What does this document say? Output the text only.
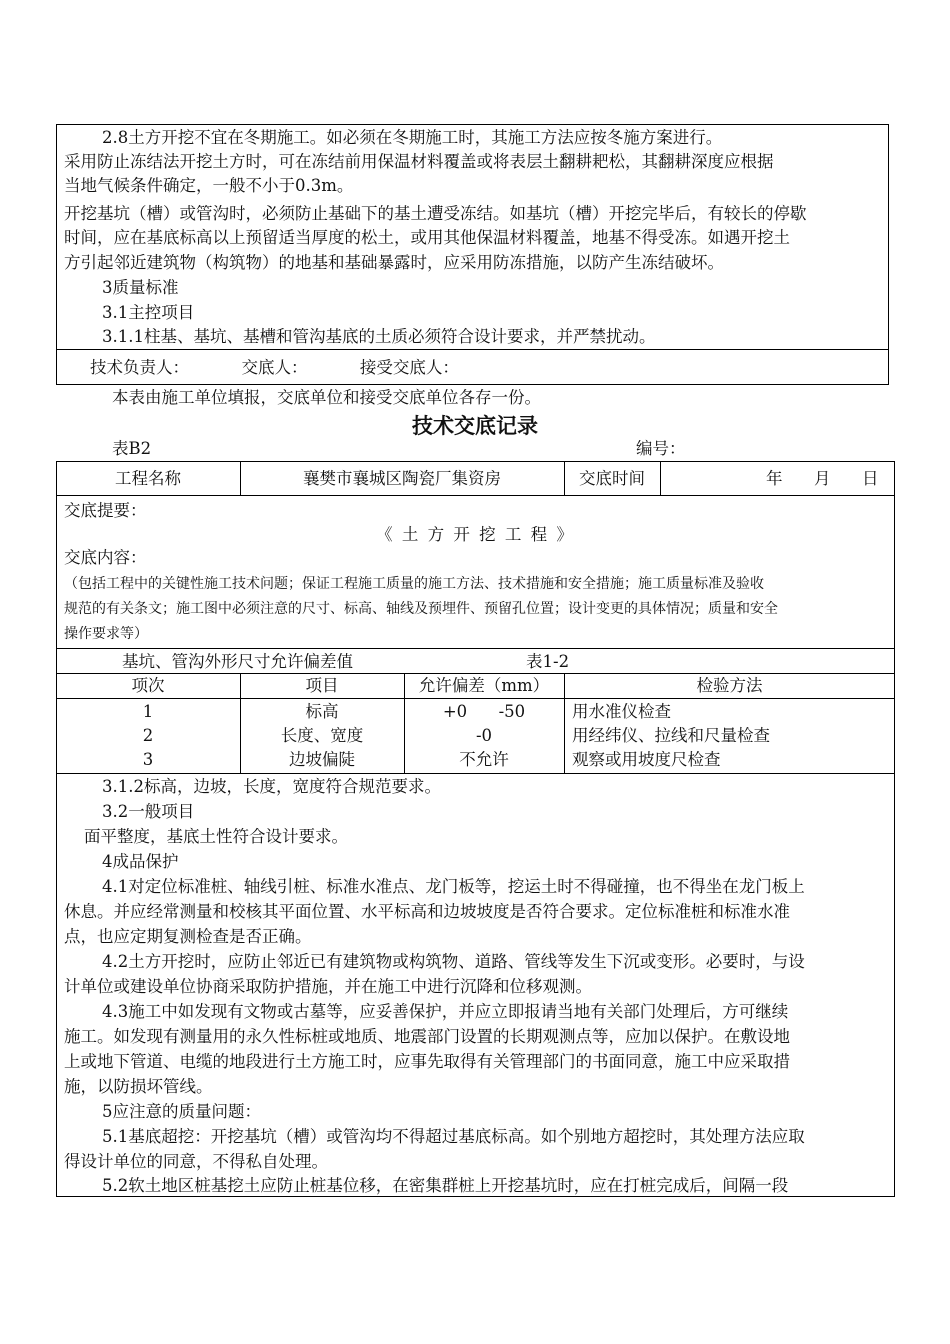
2.8土方开挖不宜在冬期施工。如必须在冬期施工时，其施工方法应按冬施方案进行。
采用防止冻结法开挖土方时，可在冻结前用保温材料覆盖或将表层土翻耕耙松，其翻耕深度应根据
当地气候条件确定，一般不小于0.3m。
开挖基坑（槽）或管沟时，必须防止基础下的基土遭受冻结。如基坑（槽）开挖完毕后，有较长的停歇
时间，应在基底标高以上预留适当厚度的松土，或用其他保温材料覆盖，地基不得受冻。如遇开挖土
方引起邻近建筑物（构筑物）的地基和基础暴露时，应采用防冻措施，以防产生冻结破坏。
3质量标准
3.1主控项目
3.1.1柱基、基坑、基槽和管沟基底的土质必须符合设计要求，并严禁扰动。
技术负责人：          交底人：          接受交底人：
本表由施工单位填报，交底单位和接受交底单位各存一份。
技术交底记录
表B2	编号：
工程名称	襄樊市襄城区陶瓷厂集资房	交底时间	年      月      日
交底提要：
《 土 方 开 挖 工 程 》
交底内容：
（包括工程中的关键性施工技术问题；保证工程施工质量的施工方法、技术措施和安全措施；施工质量标准及验收
规范的有关条文；施工图中必须注意的尺寸、标高、轴线及预埋件、预留孔位置；设计变更的具体情况；质量和安全
操作要求等）
基坑、管沟外形尺寸允许偏差值	表1-2
项次	项目	允许偏差（mm）	检验方法
1	标高	+0      -50	用水准仪检查
2	长度、宽度	-0	用经纬仪、拉线和尺量检查
3	边坡偏陡	不允许	观察或用坡度尺检查
3.1.2标高，边坡，长度，宽度符合规范要求。
3.2一般项目
面平整度，基底土性符合设计要求。
4成品保护
4.1对定位标准桩、轴线引桩、标准水准点、龙门板等，挖运土时不得碰撞，也不得坐在龙门板上
休息。并应经常测量和校核其平面位置、水平标高和边坡坡度是否符合要求。定位标准桩和标准水准
点，也应定期复测检查是否正确。
4.2土方开挖时，应防止邻近已有建筑物或构筑物、道路、管线等发生下沉或变形。必要时，与设
计单位或建设单位协商采取防护措施，并在施工中进行沉降和位移观测。
4.3施工中如发现有文物或古墓等，应妥善保护，并应立即报请当地有关部门处理后，方可继续
施工。如发现有测量用的永久性标桩或地质、地震部门设置的长期观测点等，应加以保护。在敷设地
上或地下管道、电缆的地段进行土方施工时，应事先取得有关管理部门的书面同意，施工中应采取措
施，以防损坏管线。
5应注意的质量问题：
5.1基底超挖：开挖基坑（槽）或管沟均不得超过基底标高。如个别地方超挖时，其处理方法应取
得设计单位的同意，不得私自处理。
5.2软土地区桩基挖土应防止桩基位移，在密集群桩上开挖基坑时，应在打桩完成后，间隔一段
